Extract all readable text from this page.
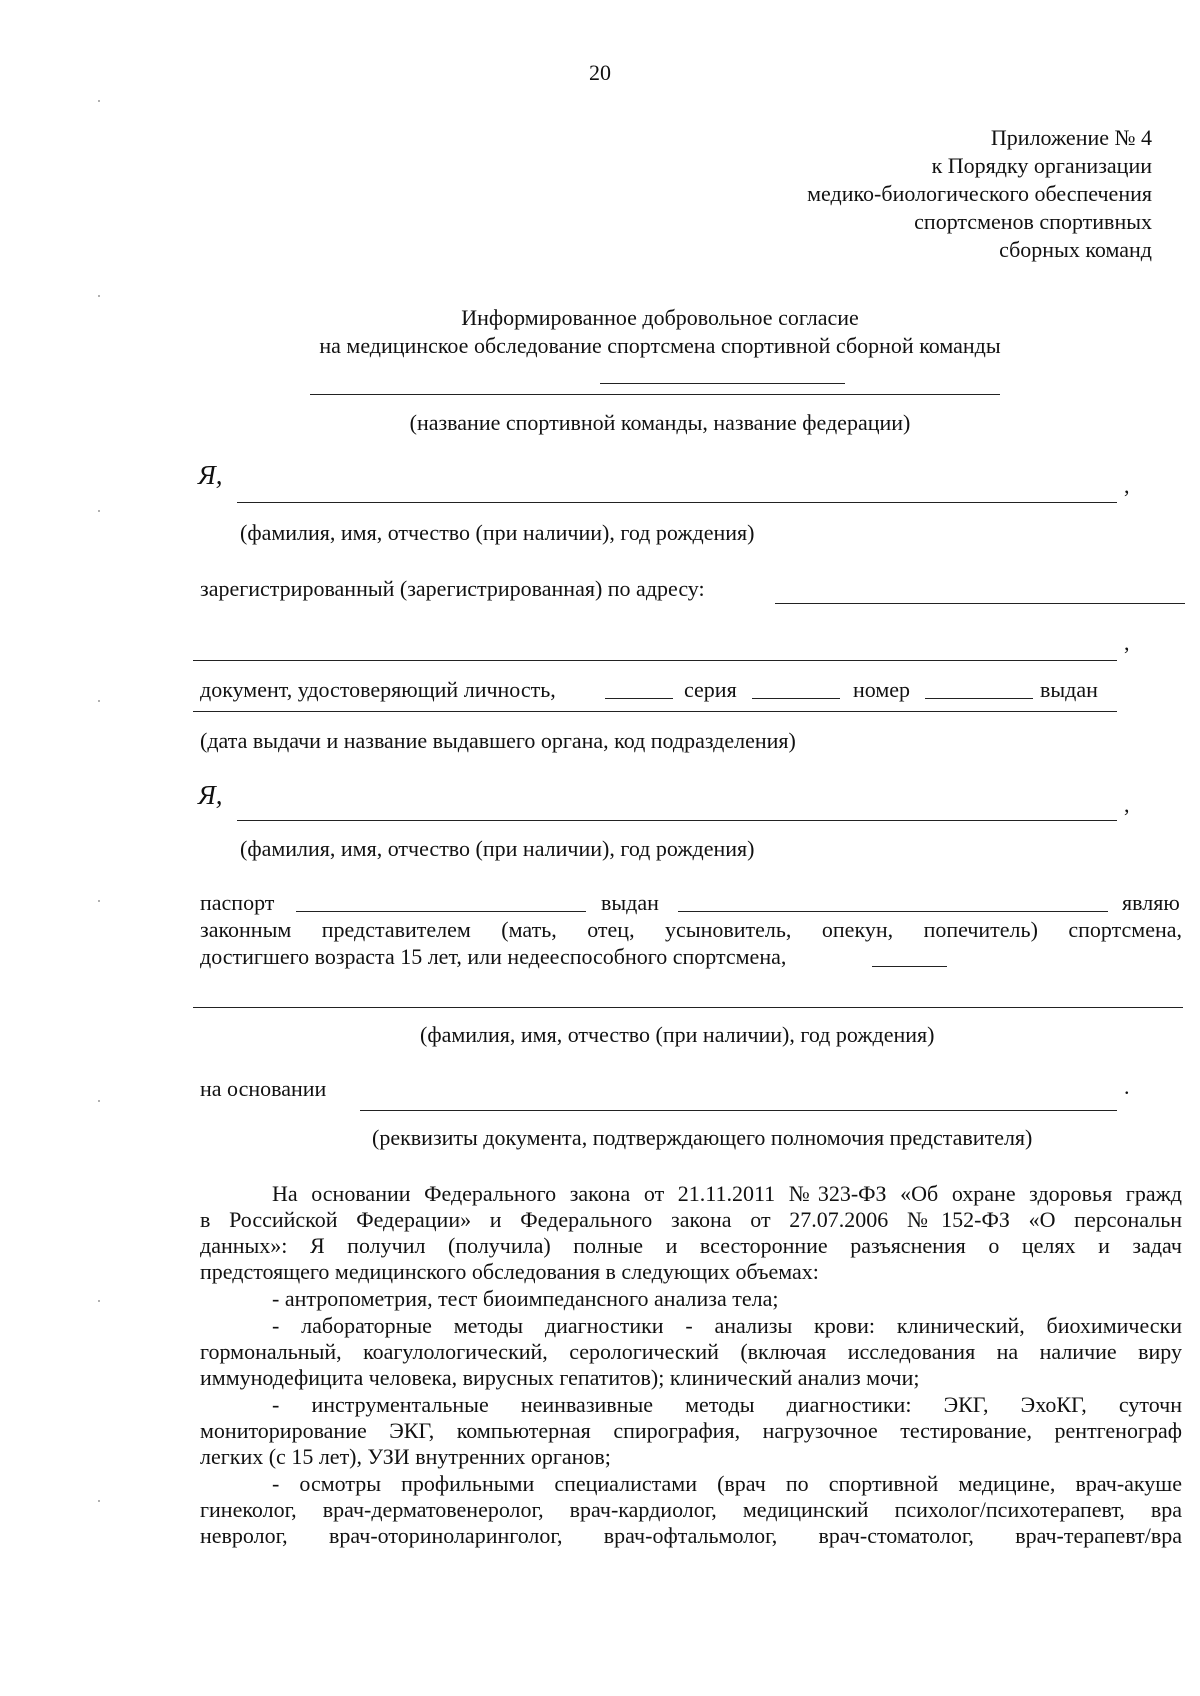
20
Приложение № 4
к Порядку организации
медико-биологического обеспечения
спортсменов спортивных
сборных команд
Информированное добровольное согласие
на медицинское обследование спортсмена спортивной сборной команды
(название спортивной команды, название федерации)
Я,	,
(фамилия, имя, отчество (при наличии), год рождения)
зарегистрированный (зарегистрированная) по адресу:
,
документ, удостоверяющий личность,	серия	номер	выдан
(дата выдачи и название выдавшего органа, код подразделения)
Я,	,
(фамилия, имя, отчество (при наличии), год рождения)
паспорт	выдан	являю
законным представителем (мать, отец, усыновитель, опекун, попечитель) спортсмена,
достигшего возраста 15 лет, или недееспособного спортсмена,
(фамилия, имя, отчество (при наличии), год рождения)
на основании	.
(реквизиты документа, подтверждающего полномочия представителя)
На основании Федерального закона от 21.11.2011 №323-ФЗ «Об охране здоровья гражд
в Российской Федерации» и Федерального закона от 27.07.2006 №152-ФЗ «О персональн
данных»: Я получил (получила) полные и всесторонние разъяснения о целях и задач
предстоящего медицинского обследования в следующих объемах:
- антропометрия, тест биоимпедансного анализа тела;
- лабораторные методы диагностики - анализы крови: клинический, биохимически
гормональный, коагулологический, серологический (включая исследования на наличие виру
иммунодефицита человека, вирусных гепатитов); клинический анализ мочи;
- инструментальные неинвазивные методы диагностики: ЭКГ, ЭхоКГ, суточн
мониторирование ЭКГ, компьютерная спирография, нагрузочное тестирование, рентгенограф
легких (с 15 лет), УЗИ внутренних органов;
- осмотры профильными специалистами (врач по спортивной медицине, врач-акуше
гинеколог, врач-дерматовенеролог, врач-кардиолог, медицинский психолог/психотерапевт, вра
невролог, врач-оториноларинголог, врач-офтальмолог, врач-стоматолог, врач-терапевт/вра
